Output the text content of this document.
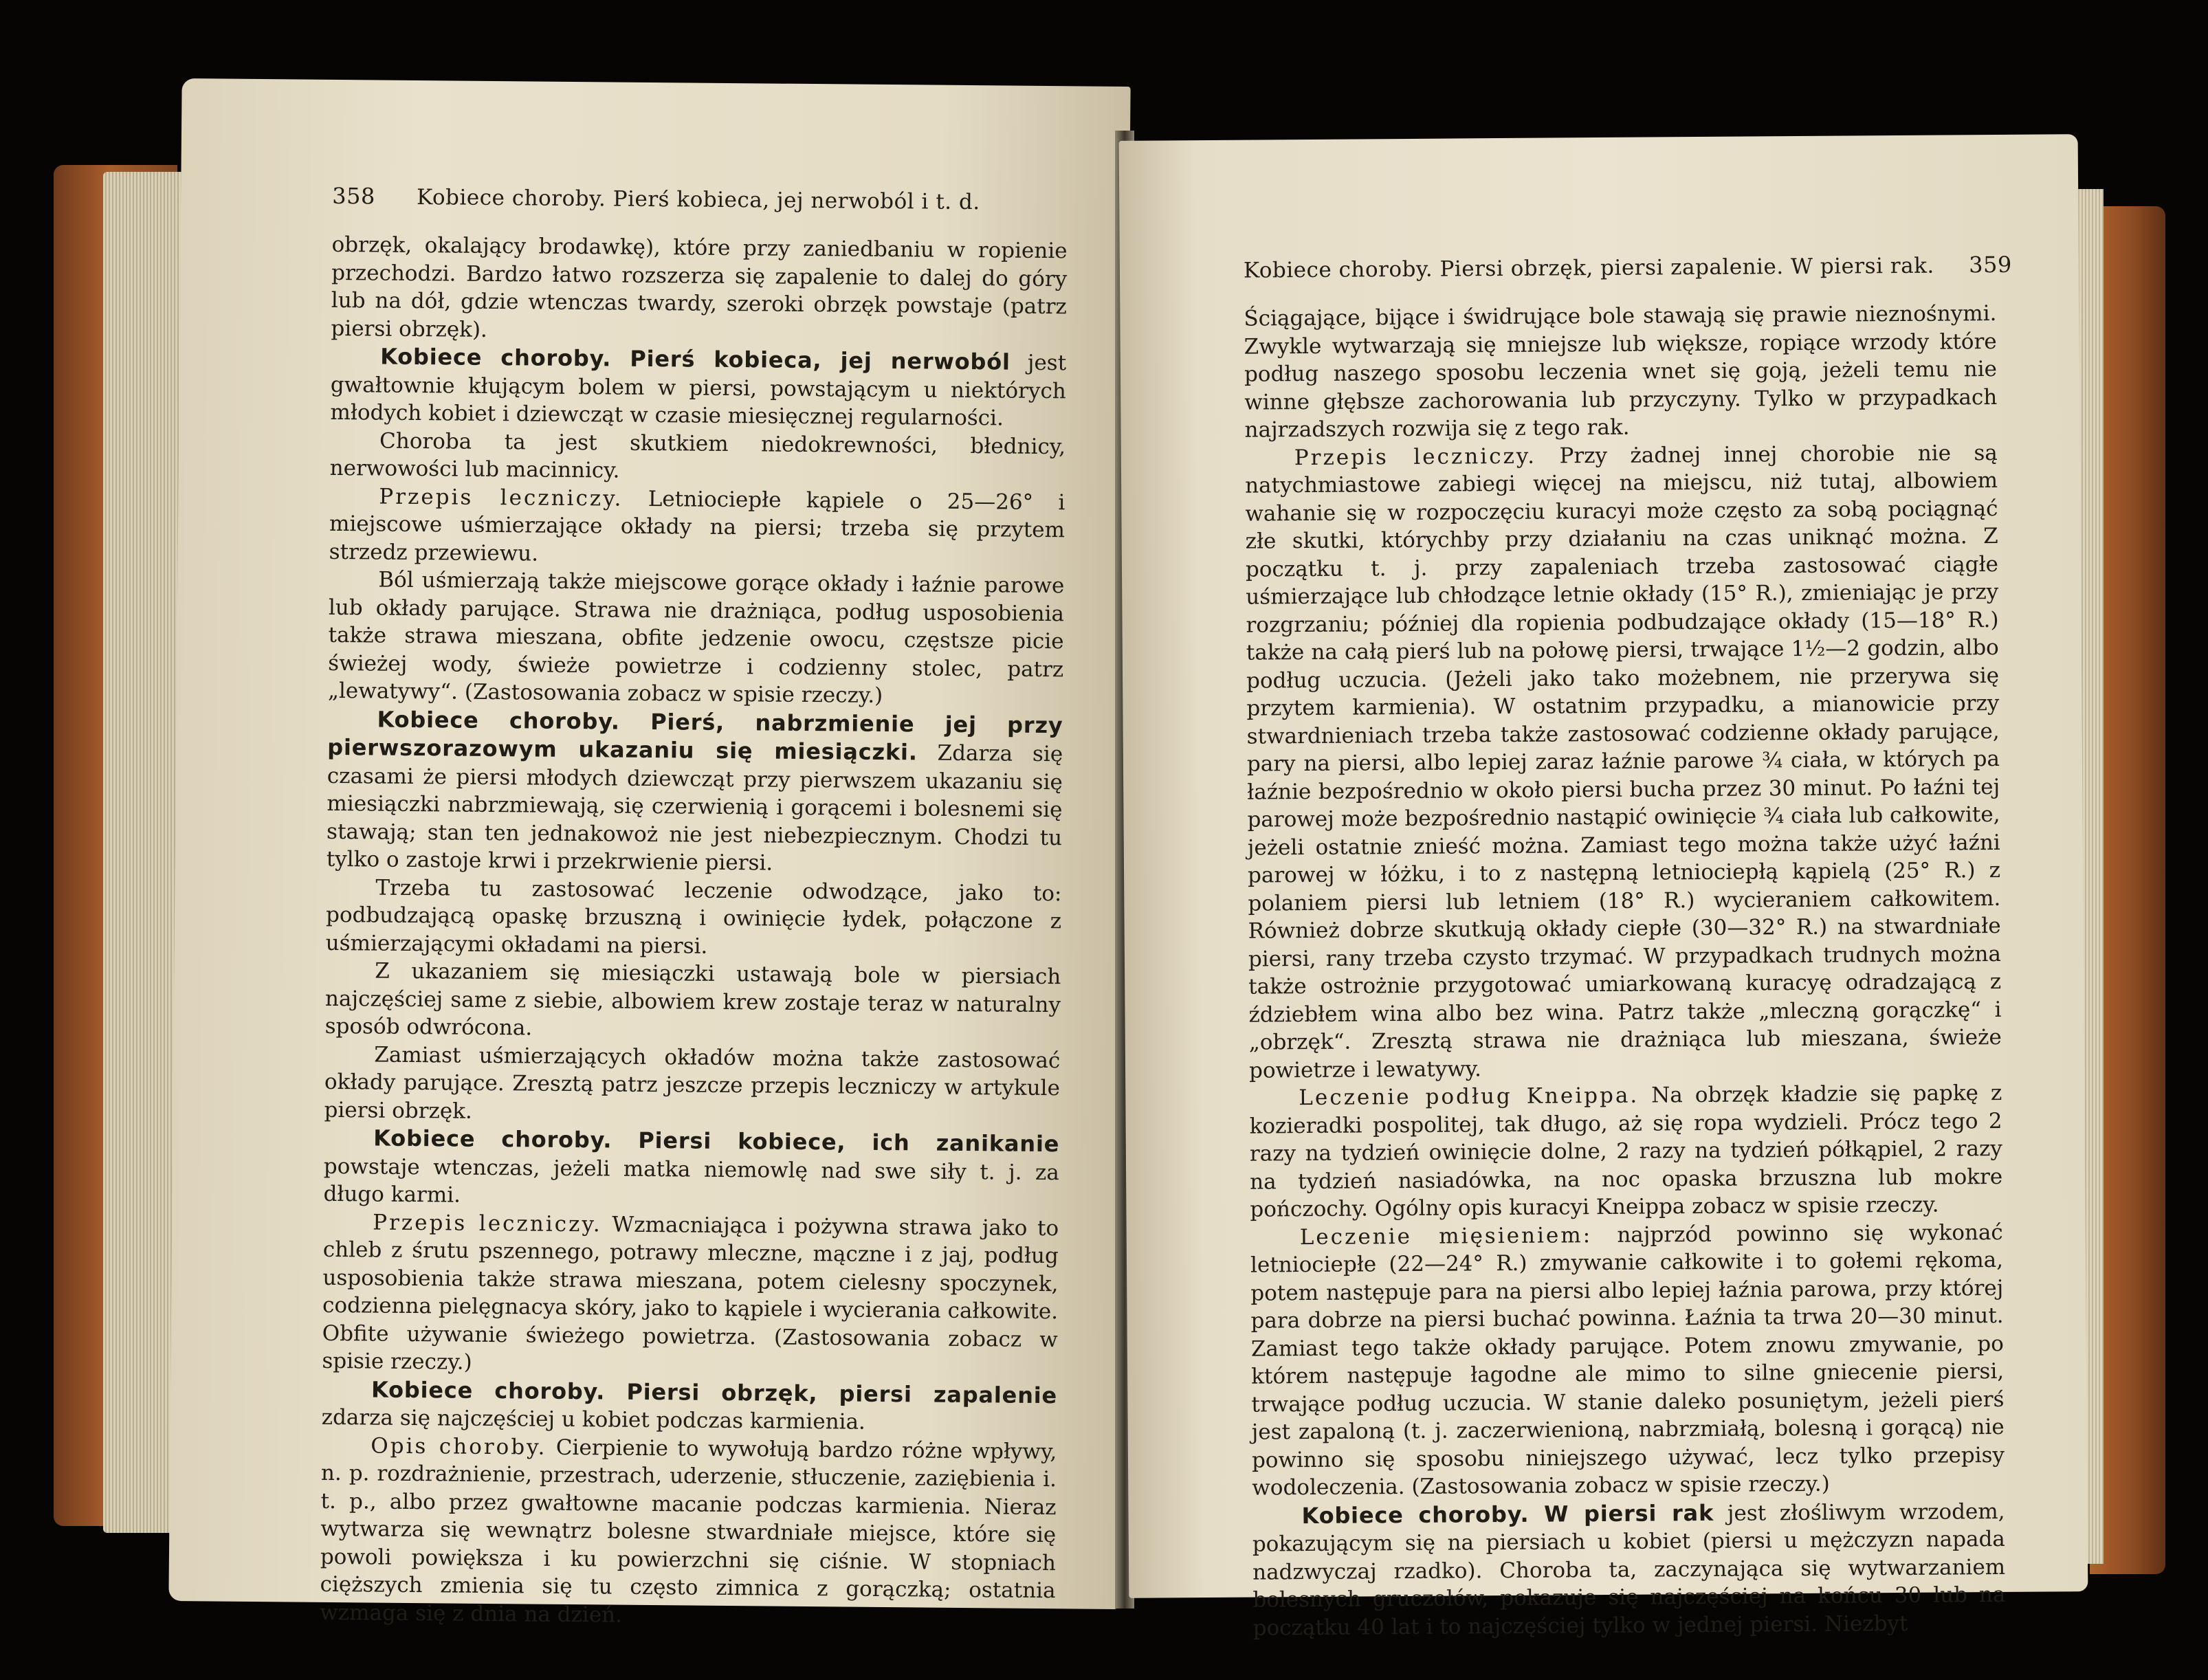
358 Kobiece choroby. Pierś kobieca, jej nerwoból i t. d.

obrzęk, okalający brodawkę), które przy zaniedbaniu w ropienie przechodzi. Bardzo łatwo rozszerza się zapalenie to dalej do góry lub na dół, gdzie wtenczas twardy, szeroki obrzęk powstaje (patrz piersi obrzęk).

Kobiece choroby. Pierś kobieca, jej nerwoból jest gwałtownie kłującym bolem w piersi, powstającym u niektórych młodych kobiet i dziewcząt w czasie miesięcznej regularności.

Choroba ta jest skutkiem niedokrewności, błednicy, nerwowości lub macinnicy.

Przepis leczniczy. Letniociepłe kąpiele o 25—26° i miejscowe uśmierzające okłady na piersi; trzeba się przytem strzedz przewiewu.

Ból uśmierzają także miejscowe gorące okłady i łaźnie parowe lub okłady parujące. Strawa nie drażniąca, podług usposobienia także strawa mieszana, obfite jedzenie owocu, częstsze picie świeżej wody, świeże powietrze i codzienny stolec, patrz „lewatywy“. (Zastosowania zobacz w spisie rzeczy.)

Kobiece choroby. Pierś, nabrzmienie jej przy pierwszorazowym ukazaniu się miesiączki. Zdarza się czasami że piersi młodych dziewcząt przy pierwszem ukazaniu się miesiączki nabrzmiewają, się czerwienią i gorącemi i bolesnemi się stawają; stan ten jednakowoż nie jest niebezpiecznym. Chodzi tu tylko o zastoje krwi i przekrwienie piersi.

Trzeba tu zastosować leczenie odwodzące, jako to: podbudzającą opaskę brzuszną i owinięcie łydek, połączone z uśmierzającymi okładami na piersi.

Z ukazaniem się miesiączki ustawają bole w piersiach najczęściej same z siebie, albowiem krew zostaje teraz w naturalny sposób odwrócona.

Zamiast uśmierzających okładów można także zastosować okłady parujące. Zresztą patrz jeszcze przepis leczniczy w artykule piersi obrzęk.

Kobiece choroby. Piersi kobiece, ich zanikanie powstaje wtenczas, jeżeli matka niemowlę nad swe siły t. j. za długo karmi.

Przepis leczniczy. Wzmacniająca i pożywna strawa jako to chleb z śrutu pszennego, potrawy mleczne, mączne i z jaj, podług usposobienia także strawa mieszana, potem cielesny spoczynek, codzienna pielęgnacya skóry, jako to kąpiele i wycierania całkowite. Obfite używanie świeżego powietrza. (Zastosowania zobacz w spisie rzeczy.)

Kobiece choroby. Piersi obrzęk, piersi zapalenie zdarza się najczęściej u kobiet podczas karmienia.

Opis choroby. Cierpienie to wywołują bardzo różne wpływy, n. p. rozdrażnienie, przestrach, uderzenie, stłuczenie, zaziębienia i. t. p., albo przez gwałtowne macanie podczas karmienia. Nieraz wytwarza się wewnątrz bolesne stwardniałe miejsce, które się powoli powiększa i ku powierzchni się ciśnie. W stopniach cięższych zmienia się tu często zimnica z gorączką; ostatnia wzmaga się z dnia na dzień.

Kobiece choroby. Piersi obrzęk, piersi zapalenie. W piersi rak. 359

Ściągające, bijące i świdrujące bole stawają się prawie nieznośnymi. Zwykle wytwarzają się mniejsze lub większe, ropiące wrzody które podług naszego sposobu leczenia wnet się goją, jeżeli temu nie winne głębsze zachorowania lub przyczyny. Tylko w przypadkach najrzadszych rozwija się z tego rak.

Przepis leczniczy. Przy żadnej innej chorobie nie są natychmiastowe zabiegi więcej na miejscu, niż tutaj, albowiem wahanie się w rozpoczęciu kuracyi może często za sobą pociągnąć złe skutki, którychby przy działaniu na czas uniknąć można. Z początku t. j. przy zapaleniach trzeba zastosować ciągłe uśmierzające lub chłodzące letnie okłady (15° R.), zmieniając je przy rozgrzaniu; później dla ropienia podbudzające okłady (15—18° R.) także na całą pierś lub na połowę piersi, trwające 1½—2 godzin, albo podług uczucia. (Jeżeli jako tako możebnem, nie przerywa się przytem karmienia). W ostatnim przypadku, a mianowicie przy stwardnieniach trzeba także zastosować codzienne okłady parujące, pary na piersi, albo lepiej zaraz łaźnie parowe ¾ ciała, w których pa łaźnie bezpośrednio w około piersi bucha przez 30 minut. Po łaźni tej parowej może bezpośrednio nastąpić owinięcie ¾ ciała lub całkowite, jeżeli ostatnie znieść można. Zamiast tego można także użyć łaźni parowej w łóżku, i to z następną letniociepłą kąpielą (25° R.) z polaniem piersi lub letniem (18° R.) wycieraniem całkowitem. Również dobrze skutkują okłady ciepłe (30—32° R.) na stwardniałe piersi, rany trzeba czysto trzymać. W przypadkach trudnych można także ostrożnie przygotować umiarkowaną kuracyę odradzającą z ździebłem wina albo bez wina. Patrz także „mleczną gorączkę“ i „obrzęk“. Zresztą strawa nie drażniąca lub mieszana, świeże powietrze i lewatywy.

Leczenie podług Kneippa. Na obrzęk kładzie się papkę z kozieradki pospolitej, tak długo, aż się ropa wydzieli. Prócz tego 2 razy na tydzień owinięcie dolne, 2 razy na tydzień półkąpiel, 2 razy na tydzień nasiadówka, na noc opaska brzuszna lub mokre pończochy. Ogólny opis kuracyi Kneippa zobacz w spisie rzeczy.

Leczenie mięsieniem: najprzód powinno się wykonać letniociepłe (22—24° R.) zmywanie całkowite i to gołemi rękoma, potem następuje para na piersi albo lepiej łaźnia parowa, przy której para dobrze na piersi buchać powinna. Łaźnia ta trwa 20—30 minut. Zamiast tego także okłady parujące. Potem znowu zmywanie, po którem następuje łagodne ale mimo to silne gniecenie piersi, trwające podług uczucia. W stanie daleko posuniętym, jeżeli pierś jest zapaloną (t. j. zaczerwienioną, nabrzmiałą, bolesną i gorącą) nie powinno się sposobu niniejszego używać, lecz tylko przepisy wodoleczenia. (Zastosowania zobacz w spisie rzeczy.)

Kobiece choroby. W piersi rak jest złośliwym wrzodem, pokazującym się na piersiach u kobiet (piersi u mężczyzn napada nadzwyczaj rzadko). Choroba ta, zaczynająca się wytwarzaniem bolesnych gruczołów, pokazuje się najczęściej na końcu 30 lub na początku 40 lat i to najczęściej tylko w jednej piersi. Niezbyt
